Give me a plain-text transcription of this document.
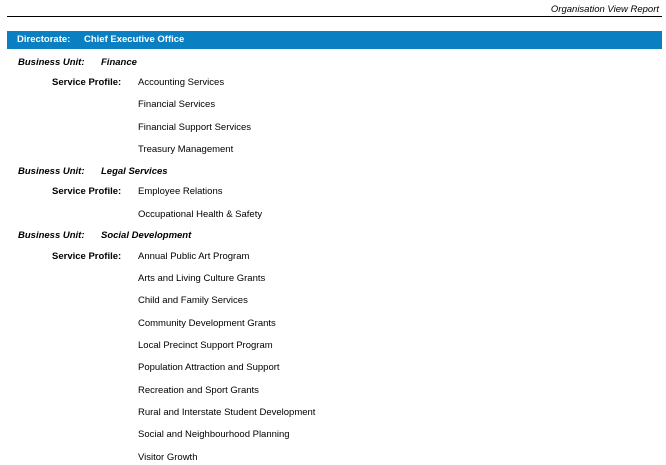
Organisation View Report
Directorate: Chief Executive Office
Business Unit: Finance
Service Profile: Accounting Services
Financial Services
Financial Support Services
Treasury Management
Business Unit: Legal Services
Service Profile: Employee Relations
Occupational Health & Safety
Business Unit: Social Development
Service Profile: Annual Public Art Program
Arts and Living Culture Grants
Child and Family Services
Community Development Grants
Local Precinct Support Program
Population Attraction and Support
Recreation and Sport Grants
Rural and Interstate Student Development
Social and Neighbourhood Planning
Visitor Growth
